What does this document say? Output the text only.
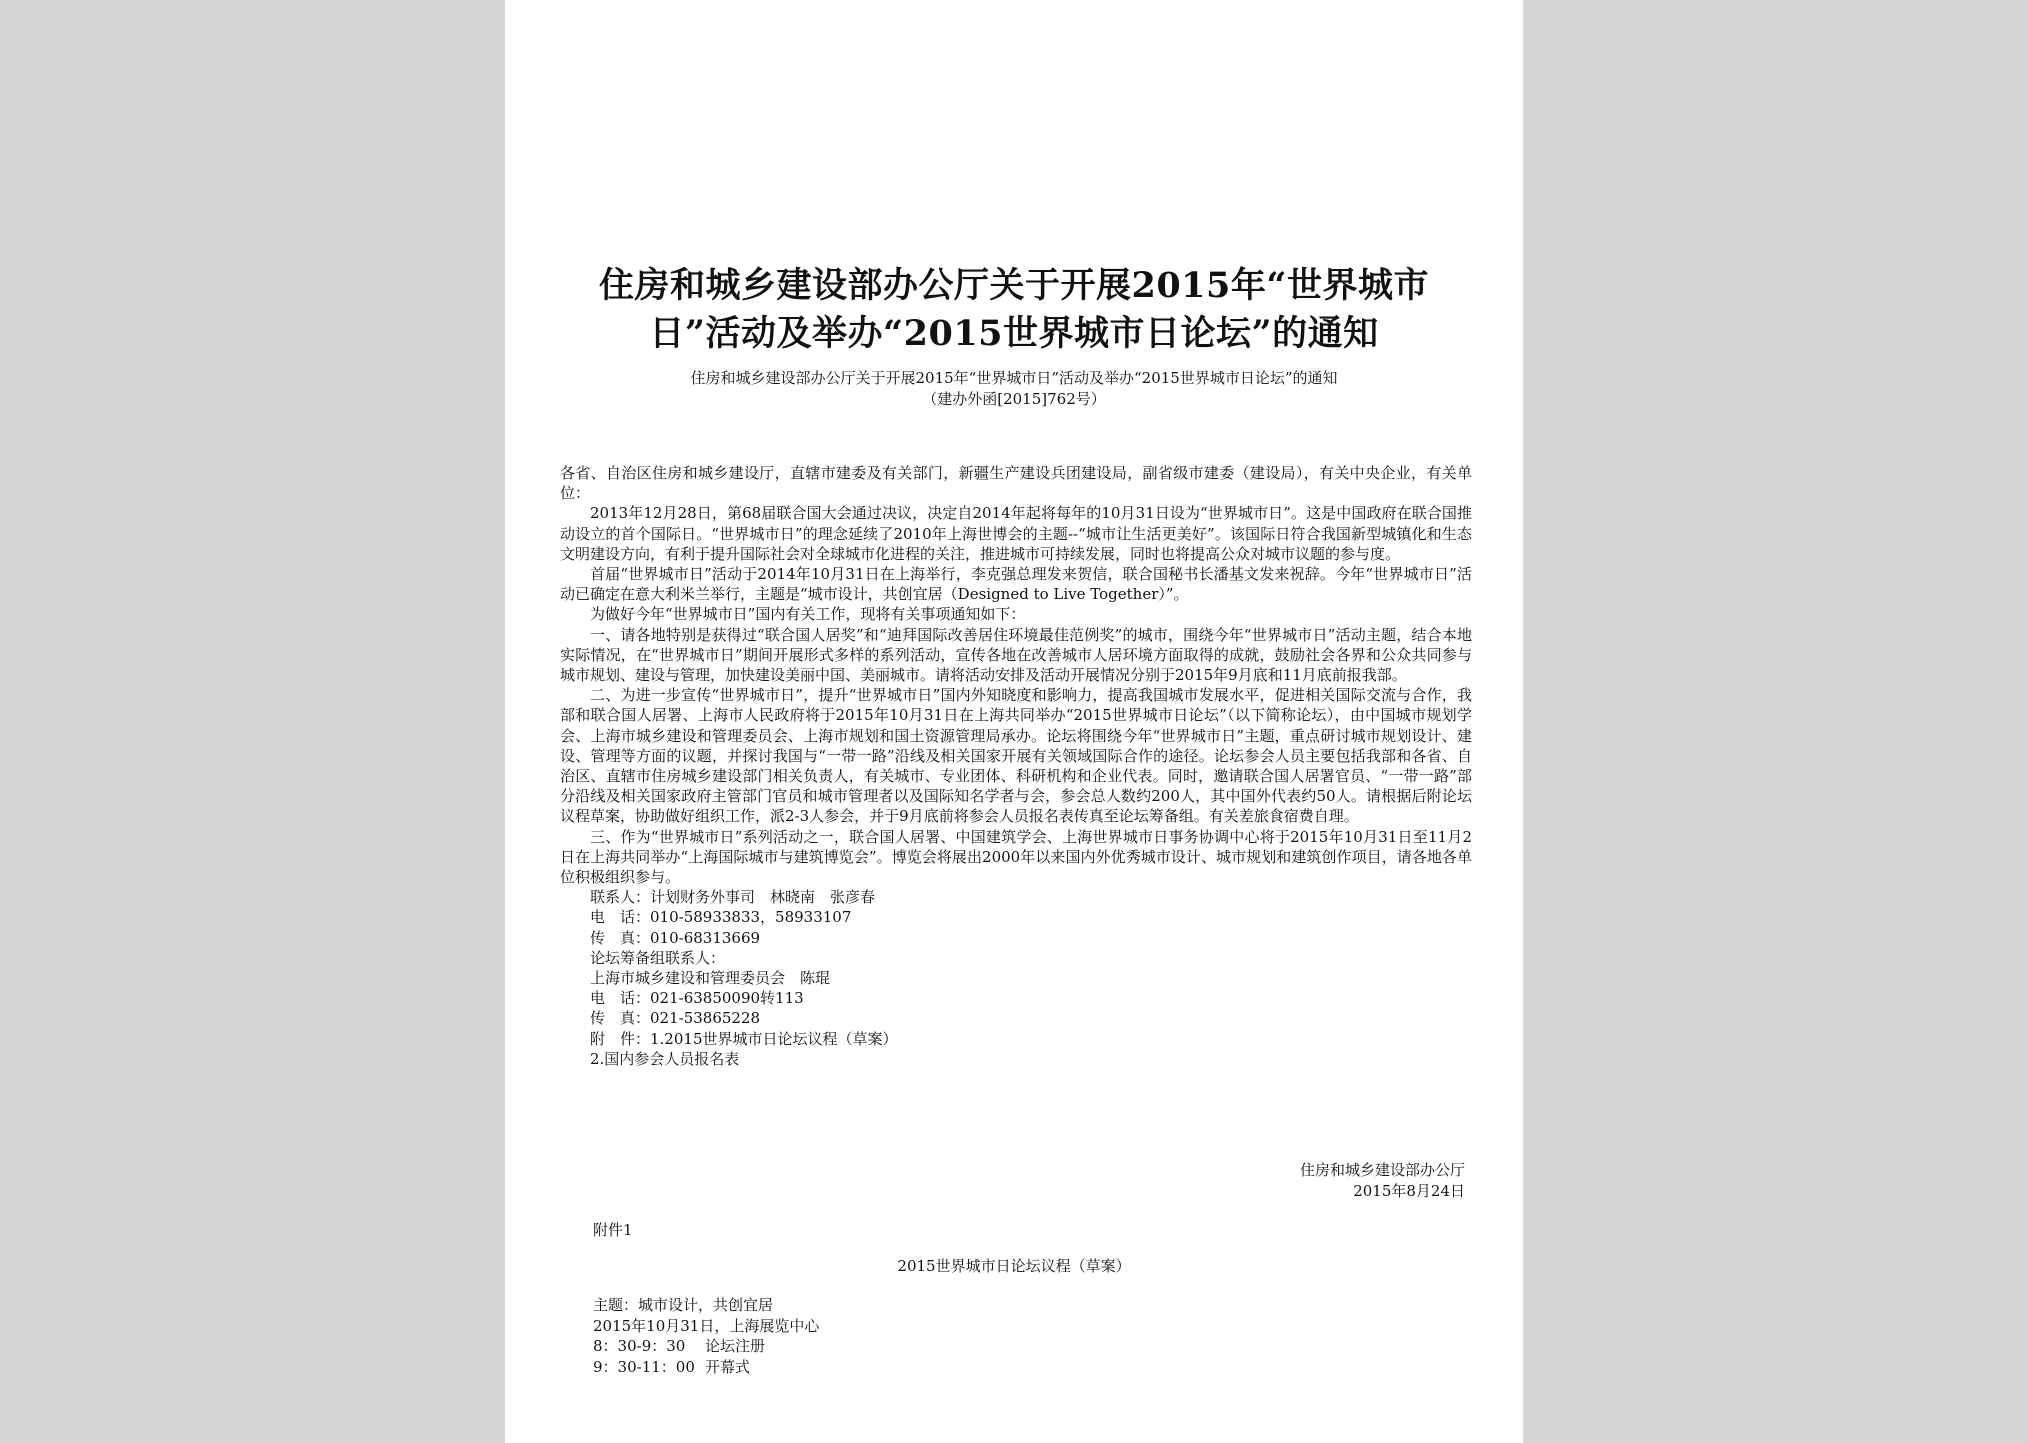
住房和城乡建设部办公厅关于开展2015年“世界城市
日”活动及举办“2015世界城市日论坛”的通知
住房和城乡建设部办公厅关于开展2015年“世界城市日”活动及举办“2015世界城市日论坛”的通知
（建办外函[2015]762号）

各省、自治区住房和城乡建设厅，直辖市建委及有关部门，新疆生产建设兵团建设局，副省级市建委（建设局），有关中央企业，有关单位：

2013年12月28日，第68届联合国大会通过决议，决定自2014年起将每年的10月31日设为“世界城市日”。这是中国政府在联合国推动设立的首个国际日。“世界城市日”的理念延续了2010年上海世博会的主题--“城市让生活更美好”。该国际日符合我国新型城镇化和生态文明建设方向，有利于提升国际社会对全球城市化进程的关注，推进城市可持续发展，同时也将提高公众对城市议题的参与度。

首届“世界城市日”活动于2014年10月31日在上海举行，李克强总理发来贺信，联合国秘书长潘基文发来祝辞。今年“世界城市日”活动已确定在意大利米兰举行，主题是“城市设计，共创宜居（Designed to Live Together）”。

为做好今年“世界城市日”国内有关工作，现将有关事项通知如下：

一、请各地特别是获得过“联合国人居奖”和“迪拜国际改善居住环境最佳范例奖”的城市，围绕今年“世界城市日”活动主题，结合本地实际情况，在“世界城市日”期间开展形式多样的系列活动，宣传各地在改善城市人居环境方面取得的成就，鼓励社会各界和公众共同参与城市规划、建设与管理，加快建设美丽中国、美丽城市。请将活动安排及活动开展情况分别于2015年9月底和11月底前报我部。

二、为进一步宣传“世界城市日”，提升“世界城市日”国内外知晓度和影响力，提高我国城市发展水平，促进相关国际交流与合作，我部和联合国人居署、上海市人民政府将于2015年10月31日在上海共同举办“2015世界城市日论坛”（以下简称论坛），由中国城市规划学会、上海市城乡建设和管理委员会、上海市规划和国土资源管理局承办。论坛将围绕今年“世界城市日”主题，重点研讨城市规划设计、建设、管理等方面的议题，并探讨我国与“一带一路”沿线及相关国家开展有关领域国际合作的途径。论坛参会人员主要包括我部和各省、自治区、直辖市住房城乡建设部门相关负责人，有关城市、专业团体、科研机构和企业代表。同时，邀请联合国人居署官员、“一带一路”部分沿线及相关国家政府主管部门官员和城市管理者以及国际知名学者与会，参会总人数约200人，其中国外代表约50人。请根据后附论坛议程草案，协助做好组织工作，派2-3人参会，并于9月底前将参会人员报名表传真至论坛筹备组。有关差旅食宿费自理。

三、作为“世界城市日”系列活动之一，联合国人居署、中国建筑学会、上海世界城市日事务协调中心将于2015年10月31日至11月2日在上海共同举办“上海国际城市与建筑博览会”。博览会将展出2000年以来国内外优秀城市设计、城市规划和建筑创作项目，请各地各单位积极组织参与。

联系人：计划财务外事司　林晓南　张彦春

电　话：010-58933833，58933107

传　真：010-68313669

论坛筹备组联系人：

上海市城乡建设和管理委员会　陈琨

电　话：021-63850090转113

传　真：021-53865228

附　件：1.2015世界城市日论坛议程（草案）

2.国内参会人员报名表

住房和城乡建设部办公厅
2015年8月24日
附件1
2015世界城市日论坛议程（草案）
主题：城市设计，共创宜居
2015年10月31日，上海展览中心
8：30-9：30	论坛注册
9：30-11：00 开幕式
